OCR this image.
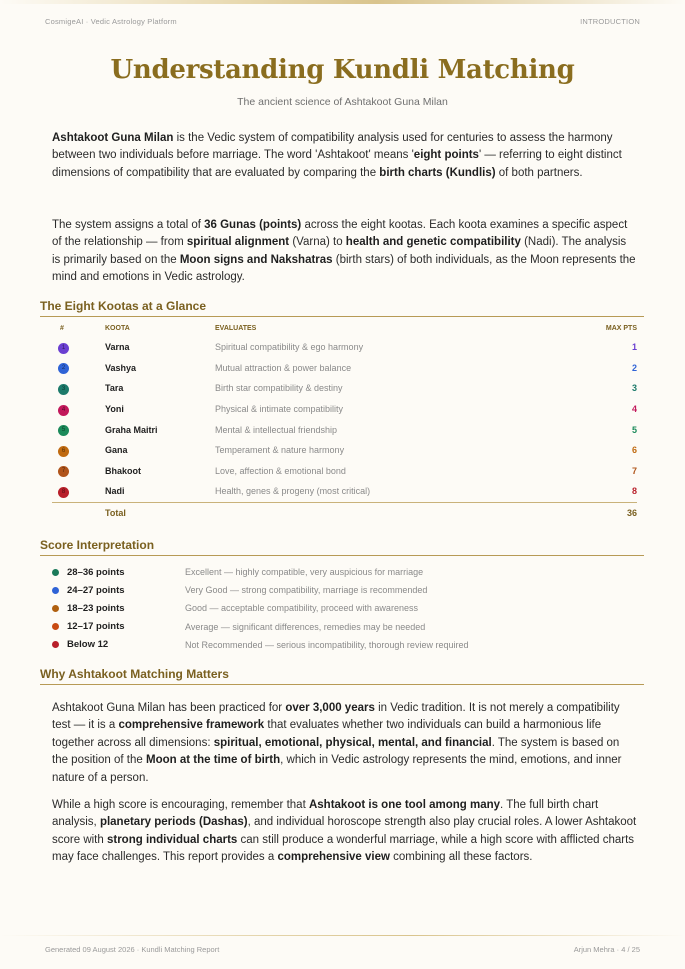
CosmigeAI · Vedic Astrology Platform	INTRODUCTION
Understanding Kundli Matching
The ancient science of Ashtakoot Guna Milan
Ashtakoot Guna Milan is the Vedic system of compatibility analysis used for centuries to assess the harmony between two individuals before marriage. The word 'Ashtakoot' means 'eight points' — referring to eight distinct dimensions of compatibility that are evaluated by comparing the birth charts (Kundlis) of both partners.
The system assigns a total of 36 Gunas (points) across the eight kootas. Each koota examines a specific aspect of the relationship — from spiritual alignment (Varna) to health and genetic compatibility (Nadi). The analysis is primarily based on the Moon signs and Nakshatras (birth stars) of both individuals, as the Moon represents the mind and emotions in Vedic astrology.
The Eight Kootas at a Glance
#	KOOTA	EVALUATES	MAX PTS
1	Varna	Spiritual compatibility & ego harmony	1
2	Vashya	Mutual attraction & power balance	2
3	Tara	Birth star compatibility & destiny	3
4	Yoni	Physical & intimate compatibility	4
5	Graha Maitri	Mental & intellectual friendship	5
6	Gana	Temperament & nature harmony	6
7	Bhakoot	Love, affection & emotional bond	7
8	Nadi	Health, genes & progeny (most critical)	8
	Total		36
Score Interpretation
28–36 points	Excellent — highly compatible, very auspicious for marriage
24–27 points	Very Good — strong compatibility, marriage is recommended
18–23 points	Good — acceptable compatibility, proceed with awareness
12–17 points	Average — significant differences, remedies may be needed
Below 12	Not Recommended — serious incompatibility, thorough review required
Why Ashtakoot Matching Matters
Ashtakoot Guna Milan has been practiced for over 3,000 years in Vedic tradition. It is not merely a compatibility test — it is a comprehensive framework that evaluates whether two individuals can build a harmonious life together across all dimensions: spiritual, emotional, physical, mental, and financial. The system is based on the position of the Moon at the time of birth, which in Vedic astrology represents the mind, emotions, and inner nature of a person.
While a high score is encouraging, remember that Ashtakoot is one tool among many. The full birth chart analysis, planetary periods (Dashas), and individual horoscope strength also play crucial roles. A lower Ashtakoot score with strong individual charts can still produce a wonderful marriage, while a high score with afflicted charts may face challenges. This report provides a comprehensive view combining all these factors.
Generated 09 August 2026 · Kundli Matching Report	Arjun Mehra · 4 / 25
